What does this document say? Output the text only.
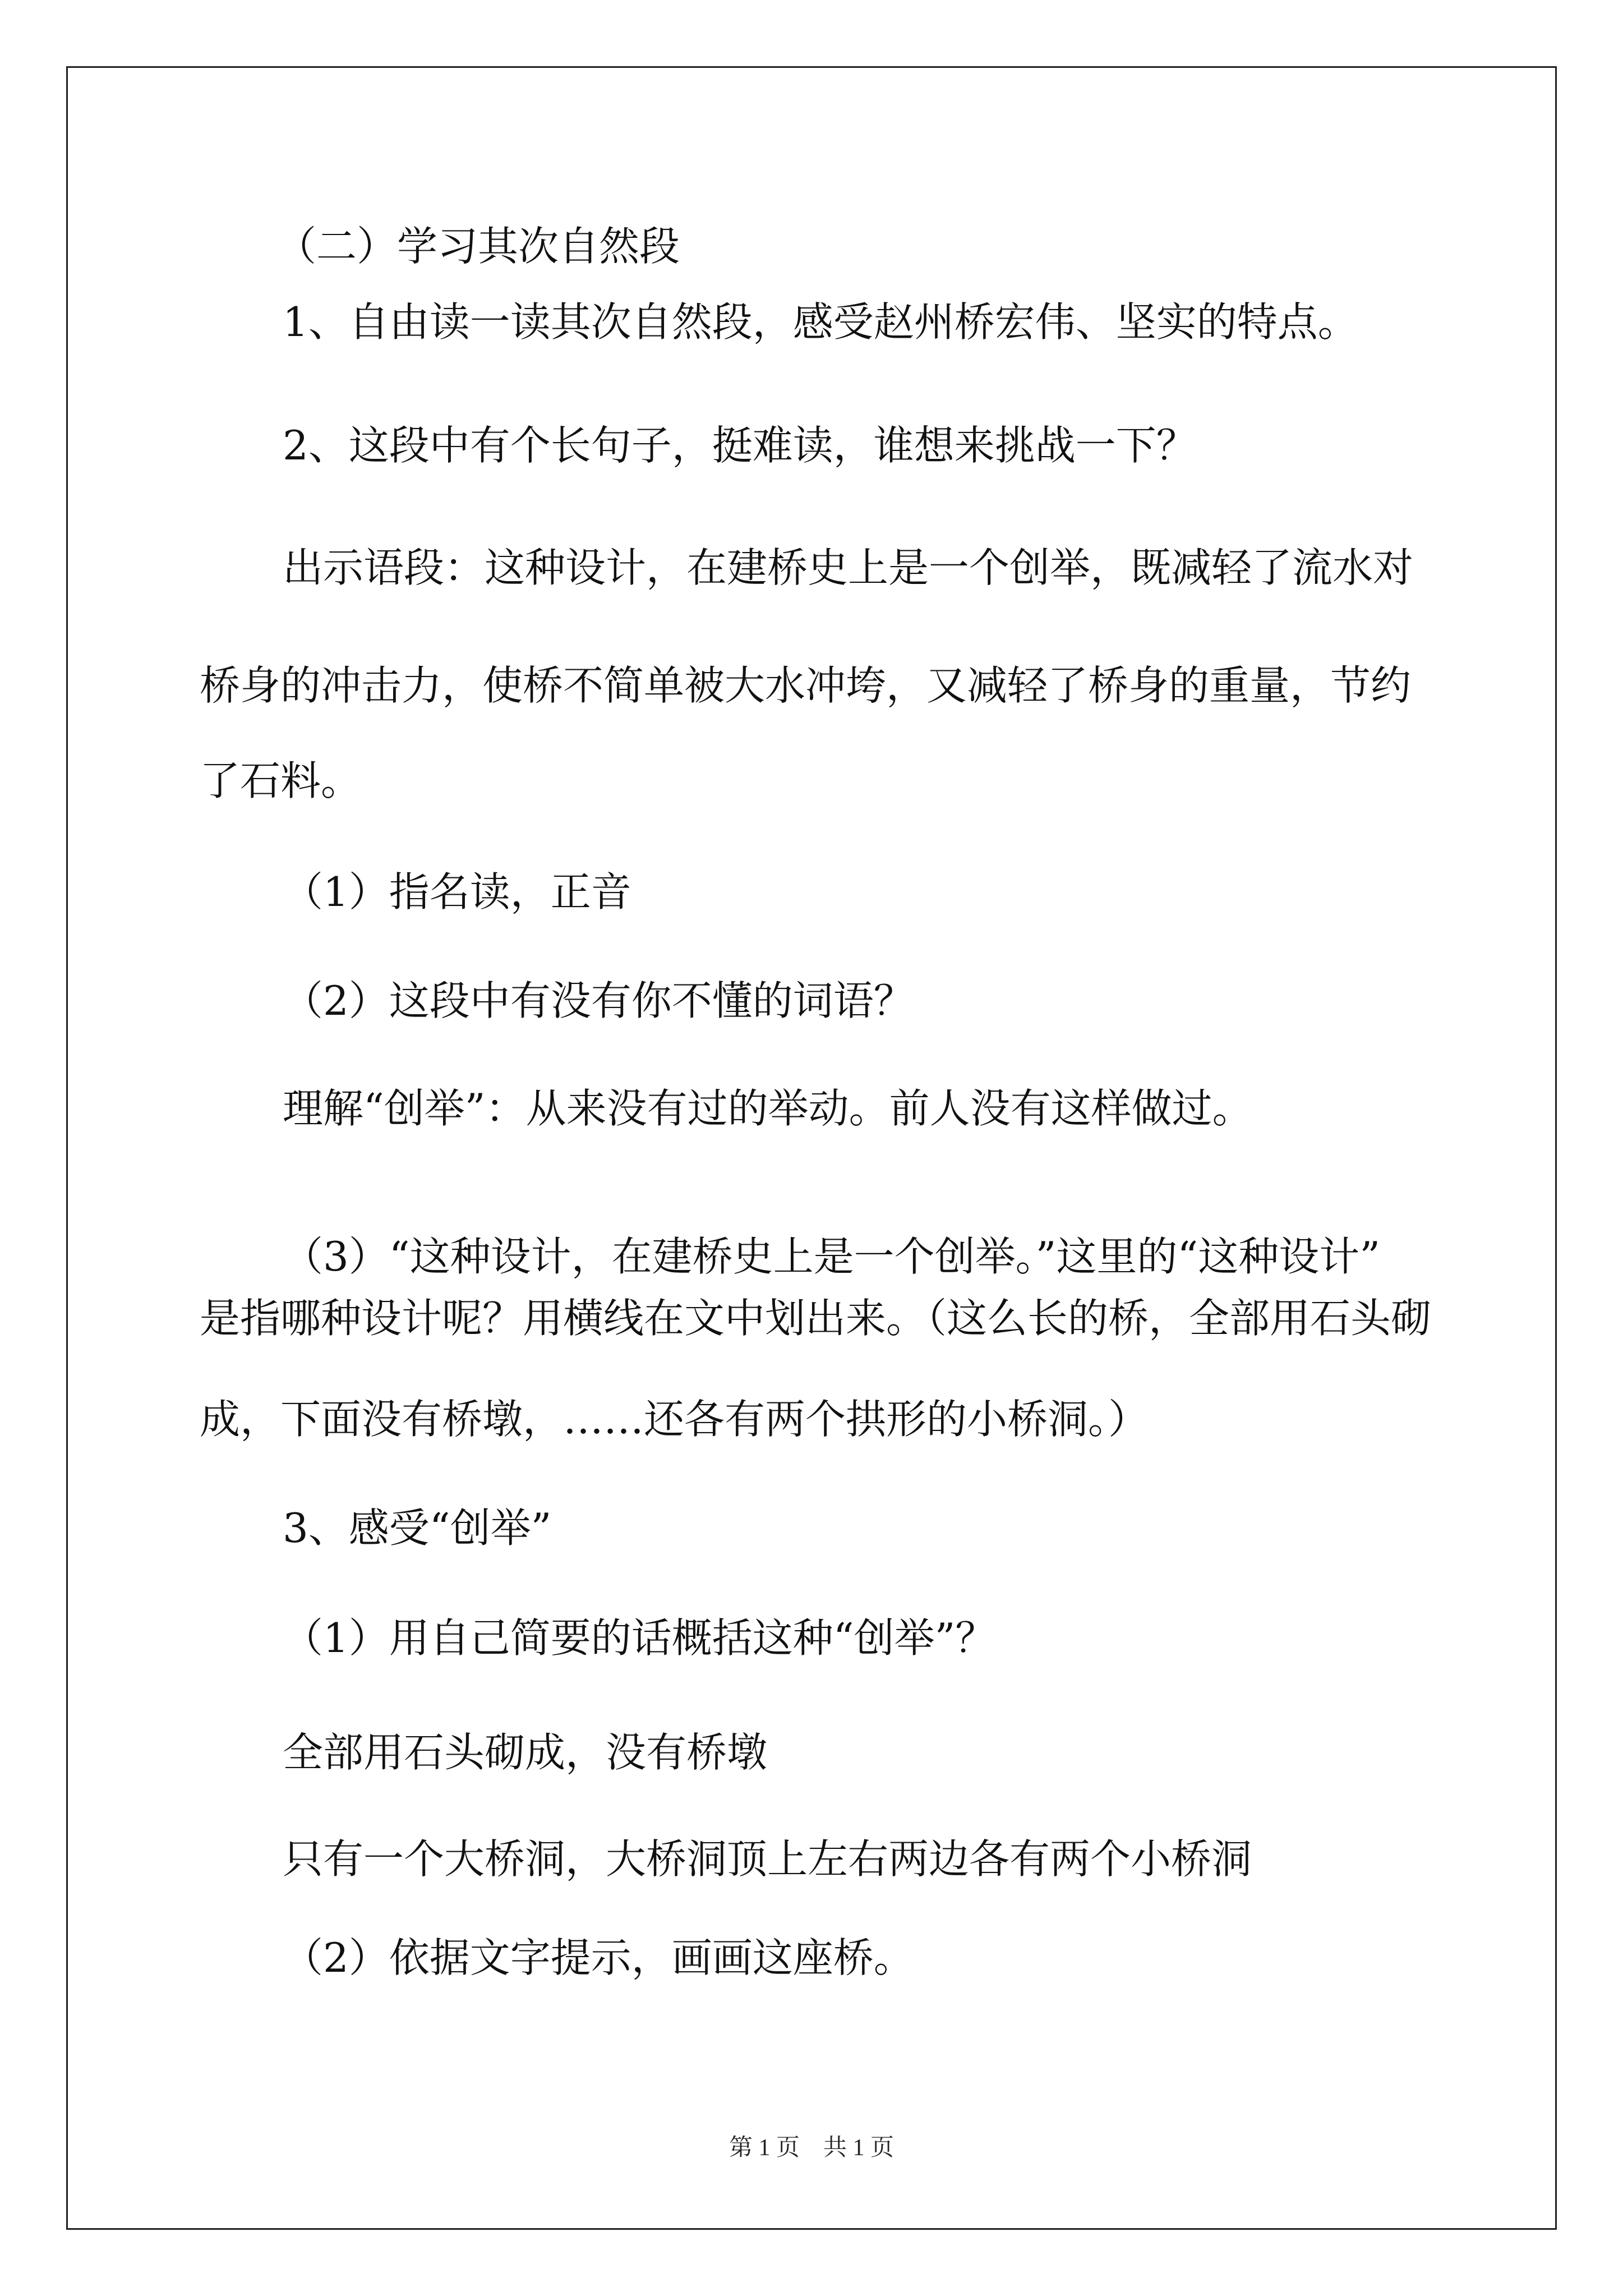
（二）学习其次自然段
1、自由读一读其次自然段，感受赵州桥宏伟、坚实的特点。
2、这段中有个长句子，挺难读，谁想来挑战一下？
出示语段：这种设计，在建桥史上是一个创举，既减轻了流水对
桥身的冲击力，使桥不简单被大水冲垮，又减轻了桥身的重量，节约
了石料。
（1）指名读，正音
（2）这段中有没有你不懂的词语？
理解“创举”：从来没有过的举动。前人没有这样做过。
（3）“这种设计，在建桥史上是一个创举。”这里的“这种设计”
是指哪种设计呢？用横线在文中划出来。（这么长的桥，全部用石头砌
成，下面没有桥墩，……还各有两个拱形的小桥洞。）
3、感受“创举”
（1）用自己简要的话概括这种“创举”？
全部用石头砌成，没有桥墩
只有一个大桥洞，大桥洞顶上左右两边各有两个小桥洞
（2）依据文字提示，画画这座桥。
第 1 页　共 1 页
